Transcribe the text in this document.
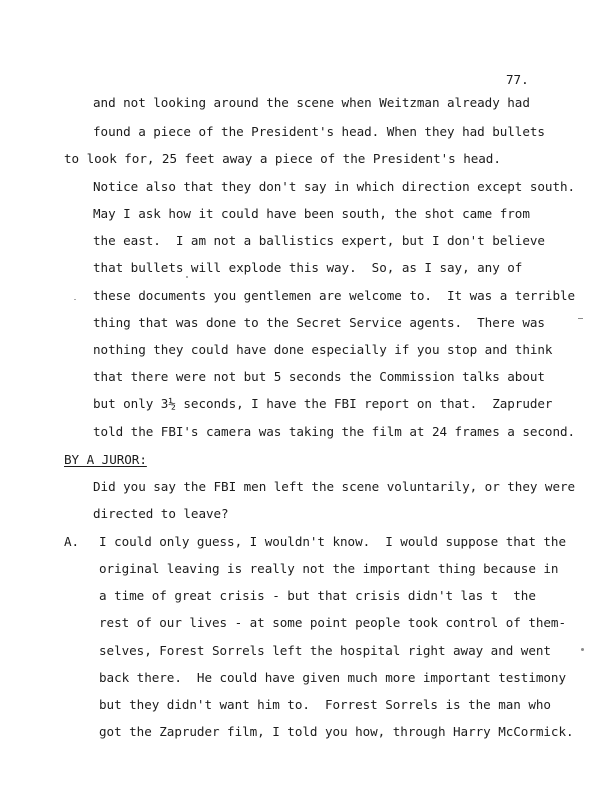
77.
and not looking around the scene when Weitzman already had
found a piece of the President's head. When they had bullets
to look for, 25 feet away a piece of the President's head.
Notice also that they don't say in which direction except south.
May I ask how it could have been south, the shot came from
the east.  I am not a ballistics expert, but I don't believe
that bullets will explode this way.  So, as I say, any of
these documents you gentlemen are welcome to.  It was a terrible
thing that was done to the Secret Service agents.  There was
nothing they could have done especially if you stop and think
that there were not but 5 seconds the Commission talks about
but only 3½ seconds, I have the FBI report on that.  Zapruder
told the FBI's camera was taking the film at 24 frames a second.
BY A JUROR:
Did you say the FBI men left the scene voluntarily, or they were
directed to leave?
A. I could only guess, I wouldn't know.  I would suppose that the
original leaving is really not the important thing because in
a time of great crisis - but that crisis didn't las t  the
rest of our lives - at some point people took control of them-
selves, Forest Sorrels left the hospital right away and went
back there.  He could have given much more important testimony
but they didn't want him to.  Forrest Sorrels is the man who
got the Zapruder film, I told you how, through Harry McCormick.
